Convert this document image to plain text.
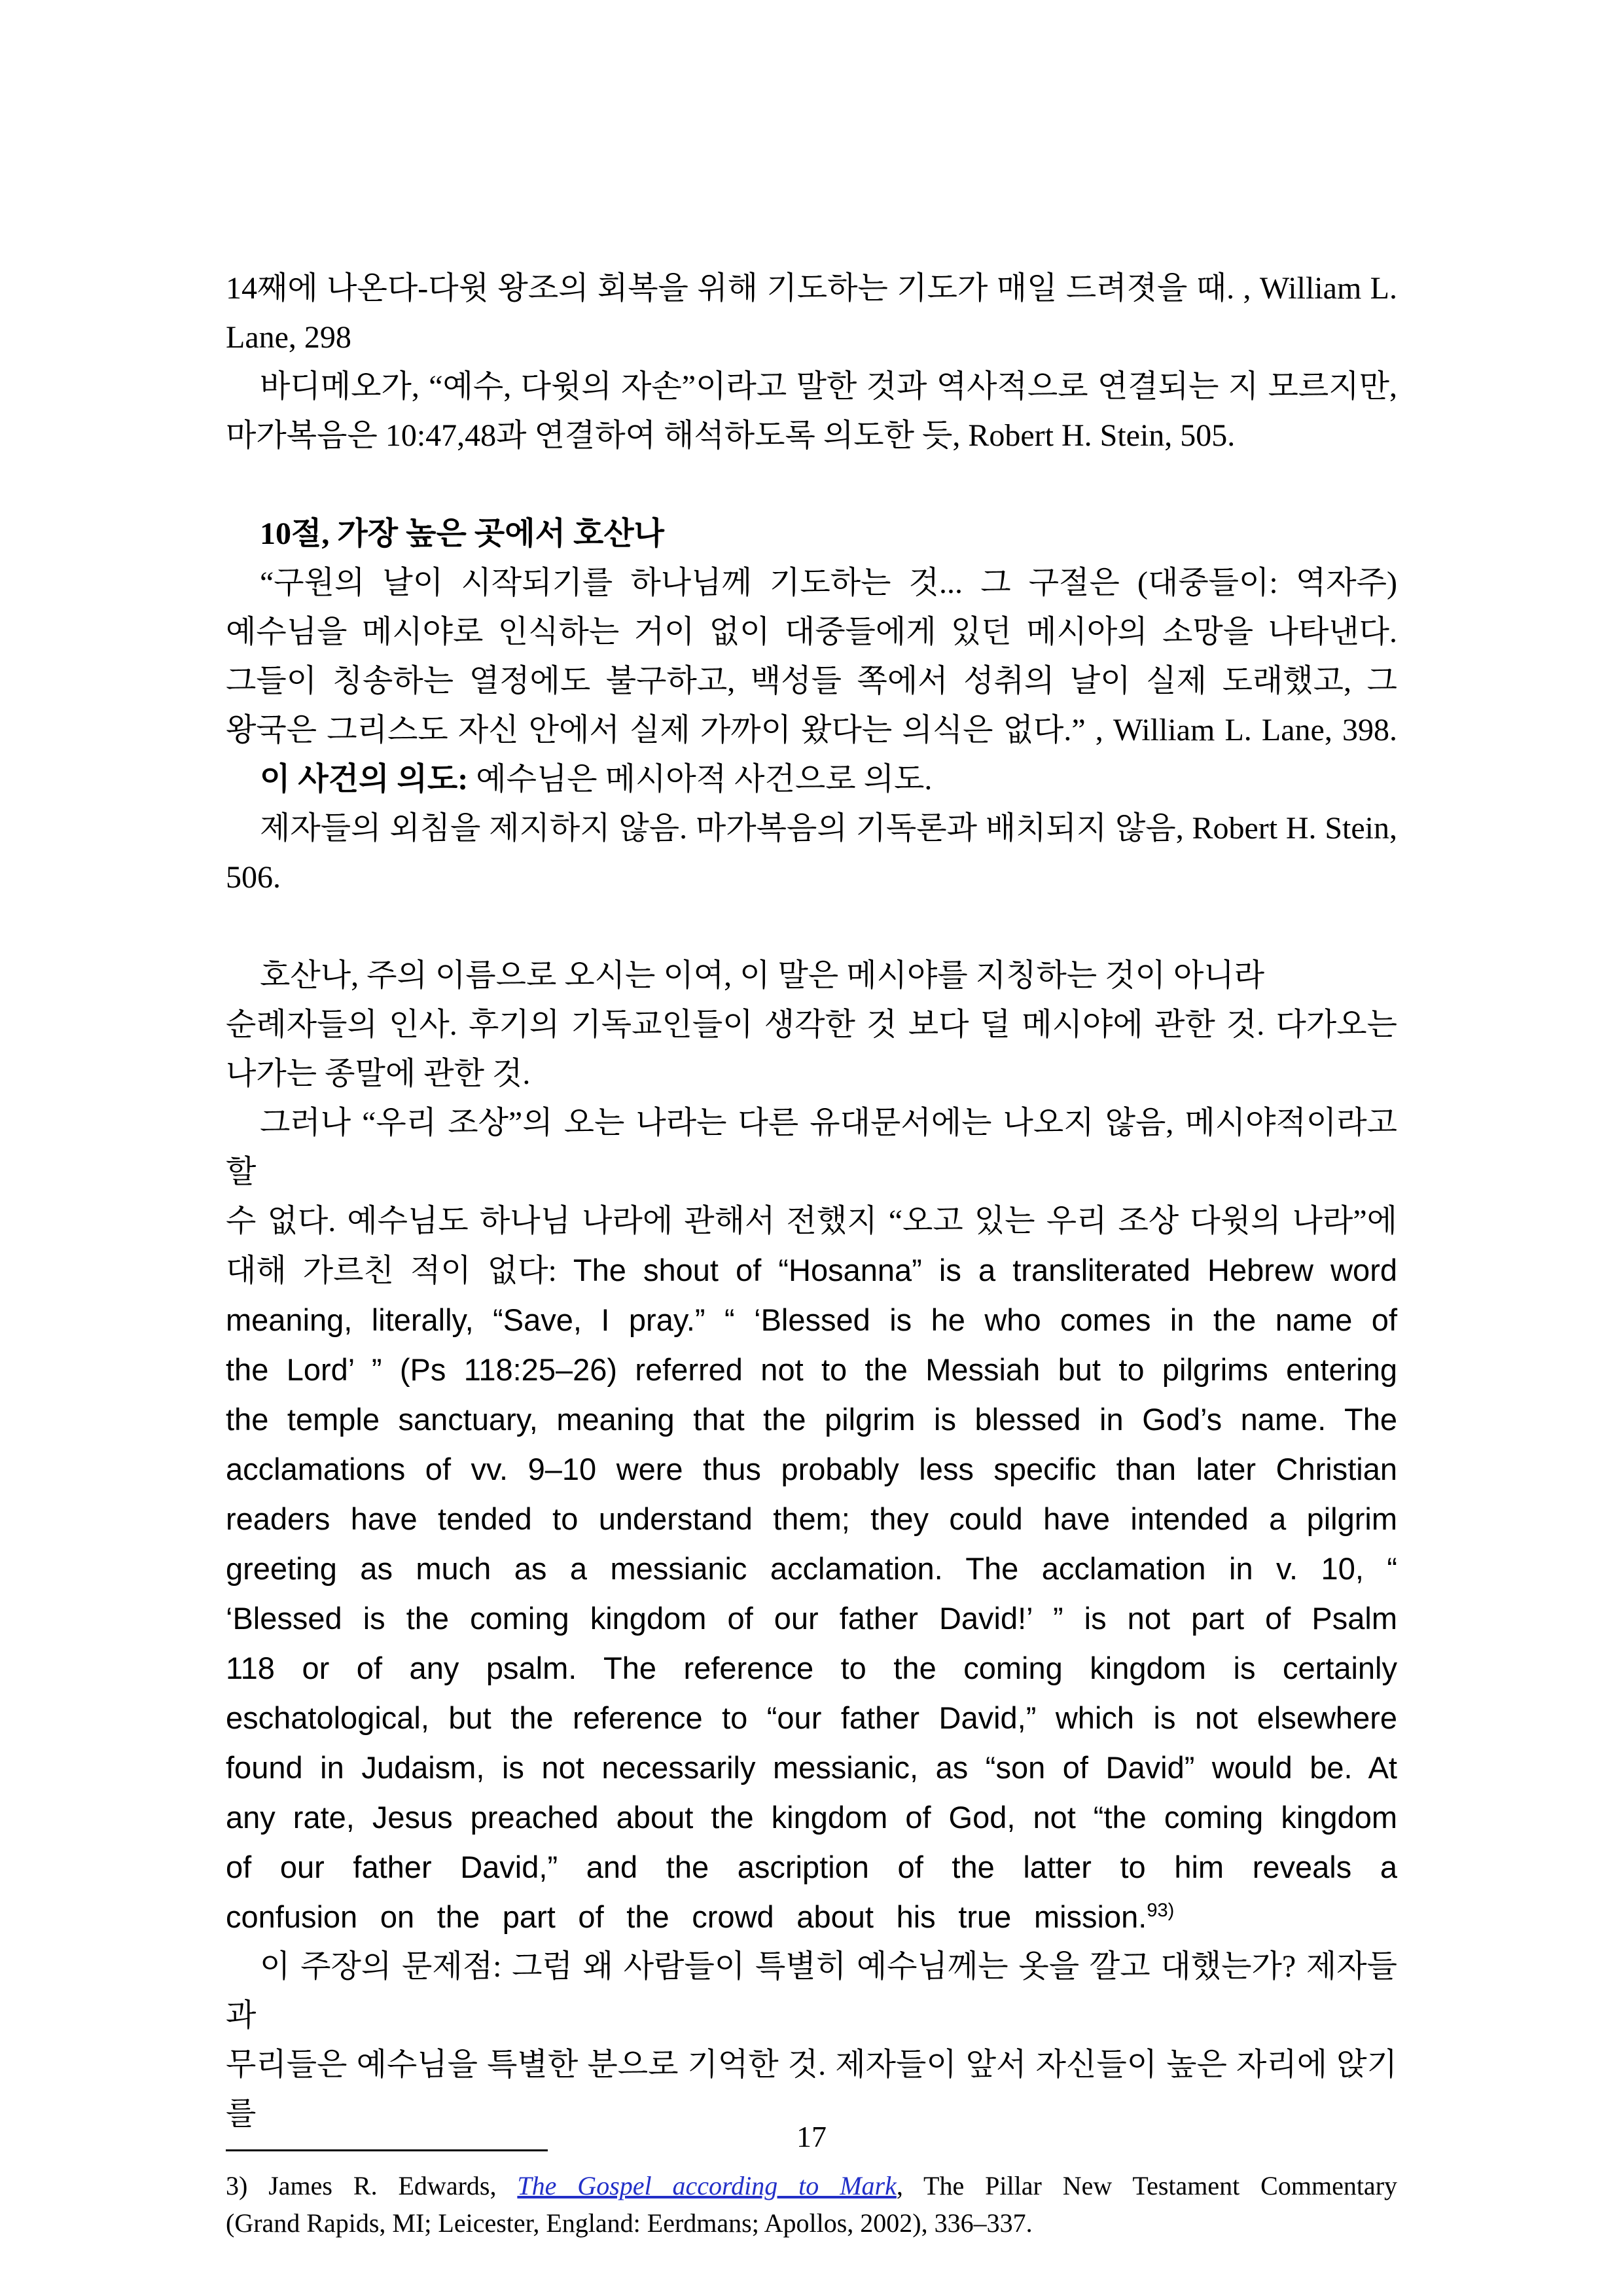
14째에 나온다-다윗 왕조의 회복을 위해 기도하는 기도가 매일 드려졋을 때. , William L.
Lane, 298
바디메오가, “예수, 다윗의 자손”이라고 말한 것과 역사적으로 연결되는 지 모르지만,
마가복음은 10:47,48과 연결하여 해석하도록 의도한 듯, Robert H. Stein, 505.
10절, 가장 높은 곳에서 호산나
“구원의 날이 시작되기를 하나님께 기도하는 것... 그 구절은 (대중들이: 역자주)
예수님을 메시야로 인식하는 거이 없이 대중들에게 있던 메시아의 소망을 나타낸다.
그들이 칭송하는 열정에도 불구하고, 백성들 쪽에서 성취의 날이 실제 도래했고, 그
왕국은 그리스도 자신 안에서 실제 가까이 왔다는 의식은 없다.” , William L. Lane, 398.
이 사건의 의도: 예수님은 메시아적 사건으로 의도.
제자들의 외침을 제지하지 않음. 마가복음의 기독론과 배치되지 않음, Robert H. Stein,
506.
호산나, 주의 이름으로 오시는 이여, 이 말은 메시야를 지칭하는 것이 아니라
순례자들의 인사. 후기의 기독교인들이 생각한 것 보다 덜 메시야에 관한 것. 다가오는
나가는 종말에 관한 것.
그러나 “우리 조상”의 오는 나라는 다른 유대문서에는 나오지 않음, 메시야적이라고 할
수 없다. 예수님도 하나님 나라에 관해서 전했지 “오고 있는 우리 조상 다윗의 나라”에
대해 가르친 적이 없다: The shout of “Hosanna” is a transliterated Hebrew word
meaning, literally, “Save, I pray.” “ ‘Blessed is he who comes in the name of
the Lord’ ” (Ps 118:25–26) referred not to the Messiah but to pilgrims entering
the temple sanctuary, meaning that the pilgrim is blessed in God’s name. The
acclamations of vv. 9–10 were thus probably less specific than later Christian
readers have tended to understand them; they could have intended a pilgrim
greeting as much as a messianic acclamation. The acclamation in v. 10, “
‘Blessed is the coming kingdom of our father David!’ ” is not part of Psalm
118 or of any psalm. The reference to the coming kingdom is certainly
eschatological, but the reference to “our father David,” which is not elsewhere
found in Judaism, is not necessarily messianic, as “son of David” would be. At
any rate, Jesus preached about the kingdom of God, not “the coming kingdom
of our father David,” and the ascription of the latter to him reveals a
confusion on the part of the crowd about his true mission.$^{93)}$
이 주장의 문제점: 그럼 왜 사람들이 특별히 예수님께는 옷을 깔고 대했는가? 제자들과
무리들은 예수님을 특별한 분으로 기억한 것. 제자들이 앞서 자신들이 높은 자리에 앉기를
3) James R. Edwards, The Gospel according to Mark, The Pillar New Testament Commentary
(Grand Rapids, MI; Leicester, England: Eerdmans; Apollos, 2002), 336–337.
17
